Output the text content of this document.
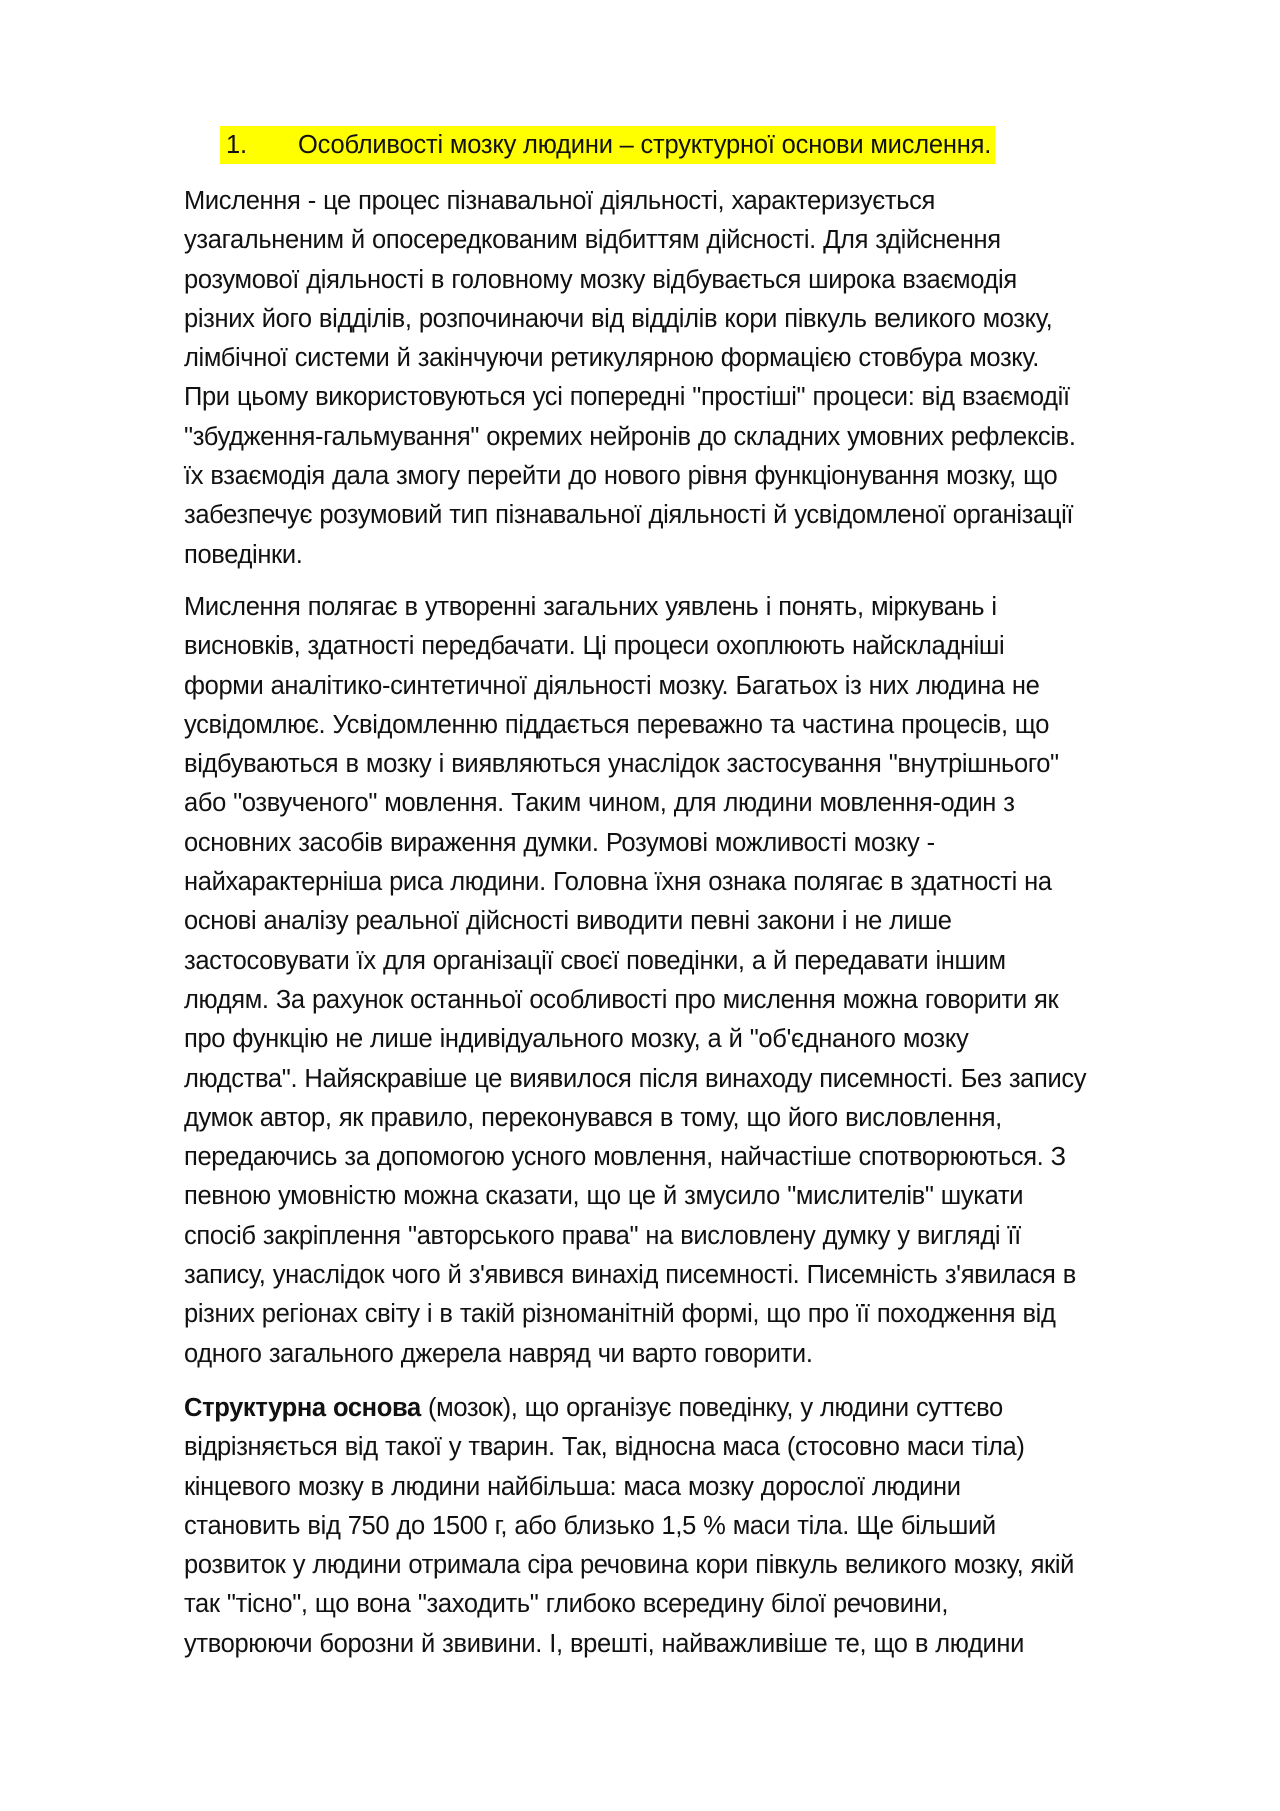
1. Особливості мозку людини – структурної основи мислення.
Мислення - це процес пізнавальної діяльності, характеризується
узагальненим й опосередкованим відбиттям дійсності. Для здійснення
розумової діяльності в головному мозку відбувається широка взаємодія
різних його відділів, розпочинаючи від відділів кори півкуль великого мозку,
лімбічної системи й закінчуючи ретикулярною формацією стовбура мозку.
При цьому використовуються усі попередні "простіші" процеси: від взаємодії
"збудження-гальмування" окремих нейронів до складних умовних рефлексів.
їх взаємодія дала змогу перейти до нового рівня функціонування мозку, що
забезпечує розумовий тип пізнавальної діяльності й усвідомленої організації
поведінки.
Мислення полягає в утворенні загальних уявлень і понять, міркувань і
висновків, здатності передбачати. Ці процеси охоплюють найскладніші
форми аналітико-синтетичної діяльності мозку. Багатьох із них людина не
усвідомлює. Усвідомленню піддається переважно та частина процесів, що
відбуваються в мозку і виявляються унаслідок застосування "внутрішнього"
або "озвученого" мовлення. Таким чином, для людини мовлення-один з
основних засобів вираження думки. Розумові можливості мозку -
найхарактерніша риса людини. Головна їхня ознака полягає в здатності на
основі аналізу реальної дійсності виводити певні закони і не лише
застосовувати їх для організації своєї поведінки, а й передавати іншим
людям. За рахунок останньої особливості про мислення можна говорити як
про функцію не лише індивідуального мозку, а й "об'єднаного мозку
людства". Найяскравіше це виявилося після винаходу писемності. Без запису
думок автор, як правило, переконувався в тому, що його висловлення,
передаючись за допомогою усного мовлення, найчастіше спотворюються. З
певною умовністю можна сказати, що це й змусило "мислителів" шукати
спосіб закріплення "авторського права" на висловлену думку у вигляді її
запису, унаслідок чого й з'явився винахід писемності. Писемність з'явилася в
різних регіонах світу і в такій різноманітній формі, що про її походження від
одного загального джерела навряд чи варто говорити.
Структурна основа (мозок), що організує поведінку, у людини суттєво
відрізняється від такої у тварин. Так, відносна маса (стосовно маси тіла)
кінцевого мозку в людини найбільша: маса мозку дорослої людини
становить від 750 до 1500 г, або близько 1,5 % маси тіла. Ще більший
розвиток у людини отримала сіра речовина кори півкуль великого мозку, якій
так "тісно", що вона "заходить" глибоко всередину білої речовини,
утворюючи борозни й звивини. І, врешті, найважливіше те, що в людини
